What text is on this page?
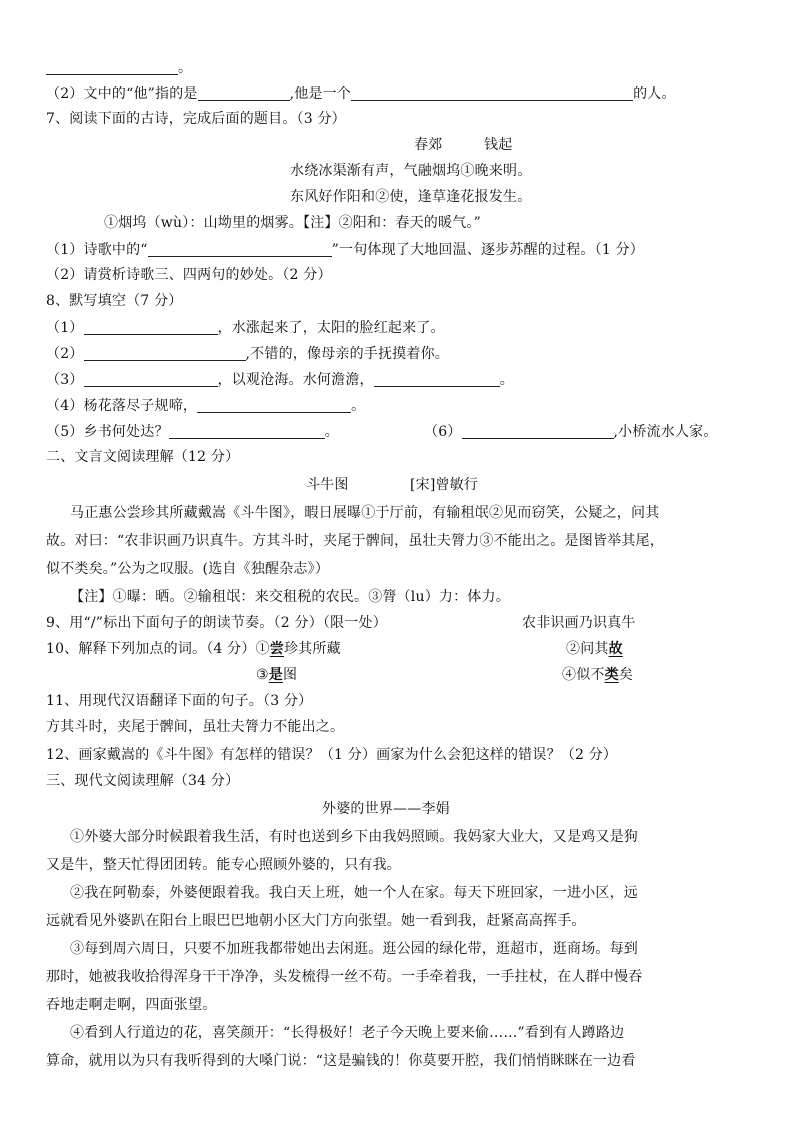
。
（2）文中的“他”指的是	,他是一个	的人。
7、阅读下面的古诗，完成后面的题目。（3 分）
春郊	钱起
水绕冰渠渐有声，气融烟坞①晚来明。
东风好作阳和②使，逢草逢花报发生。
①烟坞（wù）：山坳里的烟雾。【注】②阳和：春天的暖气。”
（1）诗歌中的“	”一句体现了大地回温、逐步苏醒的过程。（1 分）
（2）请赏析诗歌三、四两句的妙处。（2 分）
8、默写填空（7 分）
（1）	，水涨起来了，太阳的脸红起来了。
（2）	,不错的，像母亲的手抚摸着你。
（3）	，以观沧海。水何澹澹，	。
（4）杨花落尽子规啼，	。
（5）乡书何处达？	。	（6）	,小桥流水人家。
二、文言文阅读理解（12 分）
斗牛图	[宋]曾敏行
马正惠公尝珍其所藏戴嵩《斗牛图》，暇日展曝①于厅前，有输租氓②见而窃笑，公疑之，问其
故。对曰：“农非识画乃识真牛。方其斗时，夹尾于髀间，虽壮夫膂力③不能出之。是图皆举其尾，
似不类矣。”公为之叹服。(选自《独醒杂志》）
【注】①曝：晒。②输租氓：来交租税的农民。③膂（lu）力：体力。
9、用“/”标出下面句子的朗读节奏。（2 分）（限一处）	农非识画乃识真牛
10、解释下列加点的词。（4 分）①尝珍其所藏	②问其故
③是图	④似不类矣
11、用现代汉语翻译下面的句子。（3 分）
方其斗时，夹尾于髀间，虽壮夫膂力不能出之。
12、画家戴嵩的《斗牛图》有怎样的错误？（1 分）画家为什么会犯这样的错误？（2 分）
三、现代文阅读理解（34 分）
外婆的世界——李娟
①外婆大部分时候跟着我生活，有时也送到乡下由我妈照顾。我妈家大业大，又是鸡又是狗
又是牛，整天忙得团团转。能专心照顾外婆的，只有我。
②我在阿勒泰，外婆便跟着我。我白天上班，她一个人在家。每天下班回家，一进小区，远
远就看见外婆趴在阳台上眼巴巴地朝小区大门方向张望。她一看到我，赶紧高高挥手。
③每到周六周日，只要不加班我都带她出去闲逛。逛公园的绿化带，逛超市，逛商场。每到
那时，她被我收拾得浑身干干净净，头发梳得一丝不苟。一手牵着我，一手拄杖，在人群中慢吞
吞地走啊走啊，四面张望。
④看到人行道边的花，喜笑颜开：“长得极好！老子今天晚上要来偷……”看到有人蹲路边
算命，就用以为只有我听得到的大嗓门说：“这是骗钱的！你莫要开腔，我们悄悄眯眯在一边看
